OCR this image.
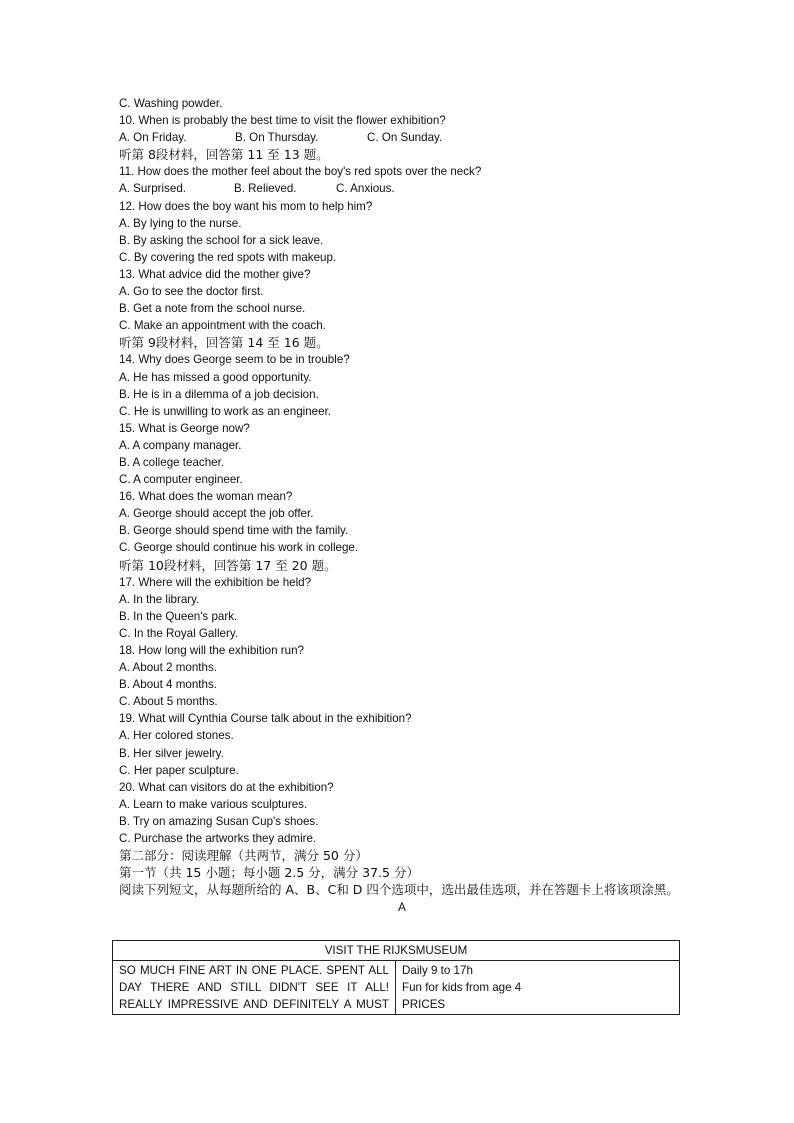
C. Washing powder.
10. When is probably the best time to visit the flower exhibition?
A. On Friday.	B. On Thursday.	C. On Sunday.
听第 8段材料，回答第 11 至 13 题。
11. How does the mother feel about the boy's red spots over the neck?
A. Surprised.	B. Relieved.	C. Anxious.
12. How does the boy want his mom to help him?
A. By lying to the nurse.
B. By asking the school for a sick leave.
C. By covering the red spots with makeup.
13. What advice did the mother give?
A. Go to see the doctor first.
B. Get a note from the school nurse.
C. Make an appointment with the coach.
听第 9段材料，回答第 14 至 16 题。
14. Why does George seem to be in trouble?
A. He has missed a good opportunity.
B. He is in a dilemma of a job decision.
C. He is unwilling to work as an engineer.
15. What is George now?
A. A company manager.
B. A college teacher.
C. A computer engineer.
16. What does the woman mean?
A. George should accept the job offer.
B. George should spend time with the family.
C. George should continue his work in college.
听第 10段材料，回答第 17 至 20 题。
17. Where will the exhibition be held?
A. In the library.
B. In the Queen's park.
C. In the Royal Gallery.
18. How long will the exhibition run?
A. About 2 months.
B. About 4 months.
C. About 5 months.
19. What will Cynthia Course talk about in the exhibition?
A. Her colored stones.
B. Her silver jewelry.
C. Her paper sculpture.
20. What can visitors do at the exhibition?
A. Learn to make various sculptures.
B. Try on amazing Susan Cup's shoes.
C. Purchase the artworks they admire.
第二部分：阅读理解（共两节，满分 50 分）
第一节（共 15 小题；每小题 2.5 分，满分 37.5 分）
阅读下列短文，从每题所给的 A、B、C和 D 四个选项中，选出最佳选项，并在答题卡上将该项涂黑。
A
VISIT THE RIJKSMUSEUM

SO MUCH FINE ART IN ONE PLACE. SPENT ALL
DAY THERE AND STILL DIDN'T SEE IT ALL!
REALLY IMPRESSIVE AND DEFINITELY A MUST

Daily 9 to 17h
Fun for kids from age 4
PRICES
